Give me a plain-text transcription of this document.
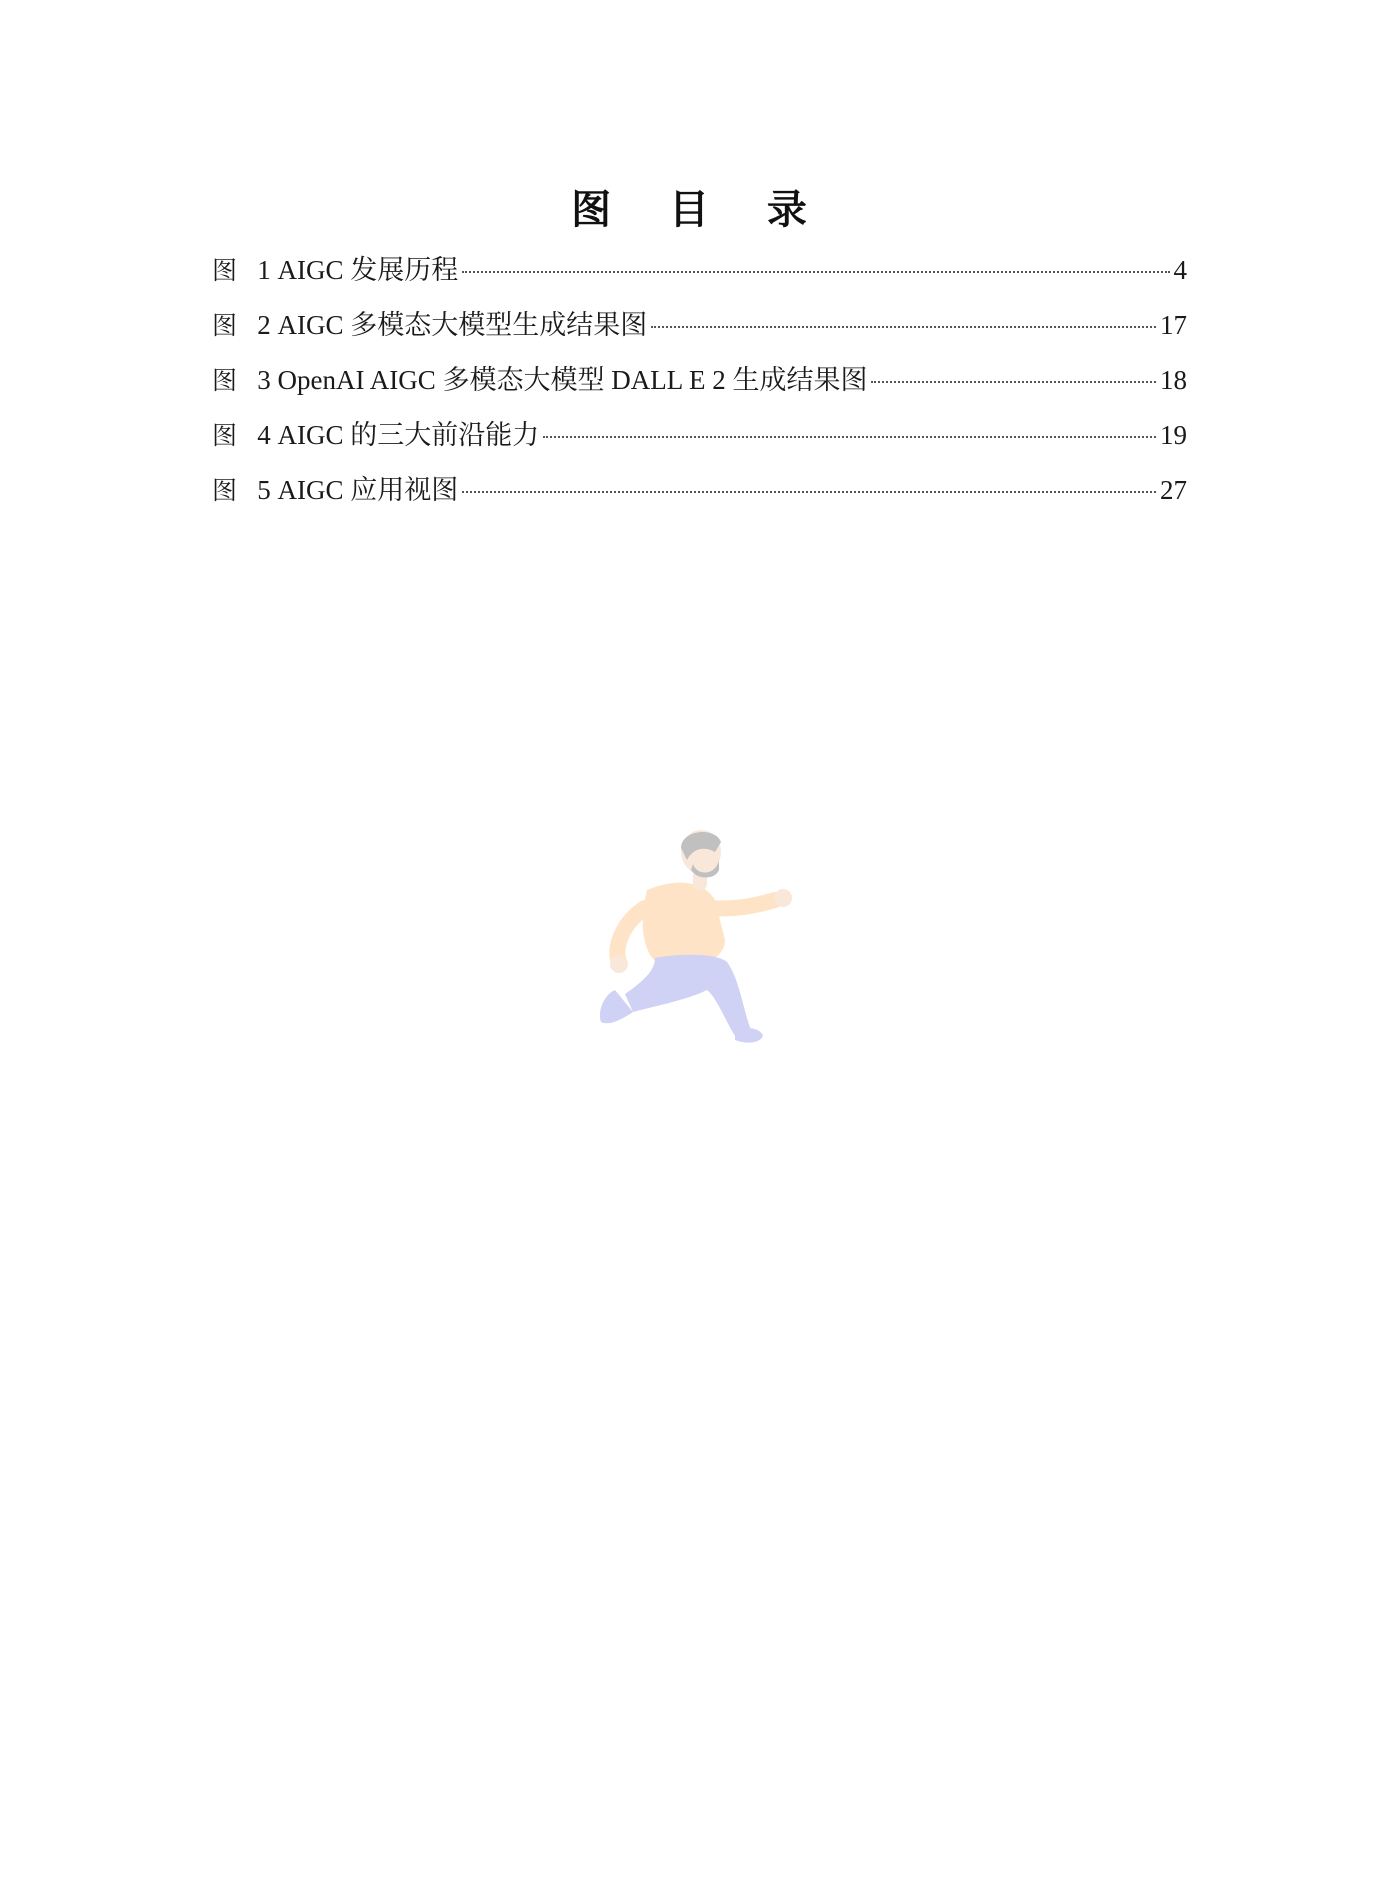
图 目 录
图 1 AIGC 发展历程	4
图 2 AIGC 多模态大模型生成结果图	17
图 3 OpenAI AIGC 多模态大模型 DALL E 2 生成结果图	18
图 4 AIGC 的三大前沿能力	19
图 5 AIGC 应用视图	27
